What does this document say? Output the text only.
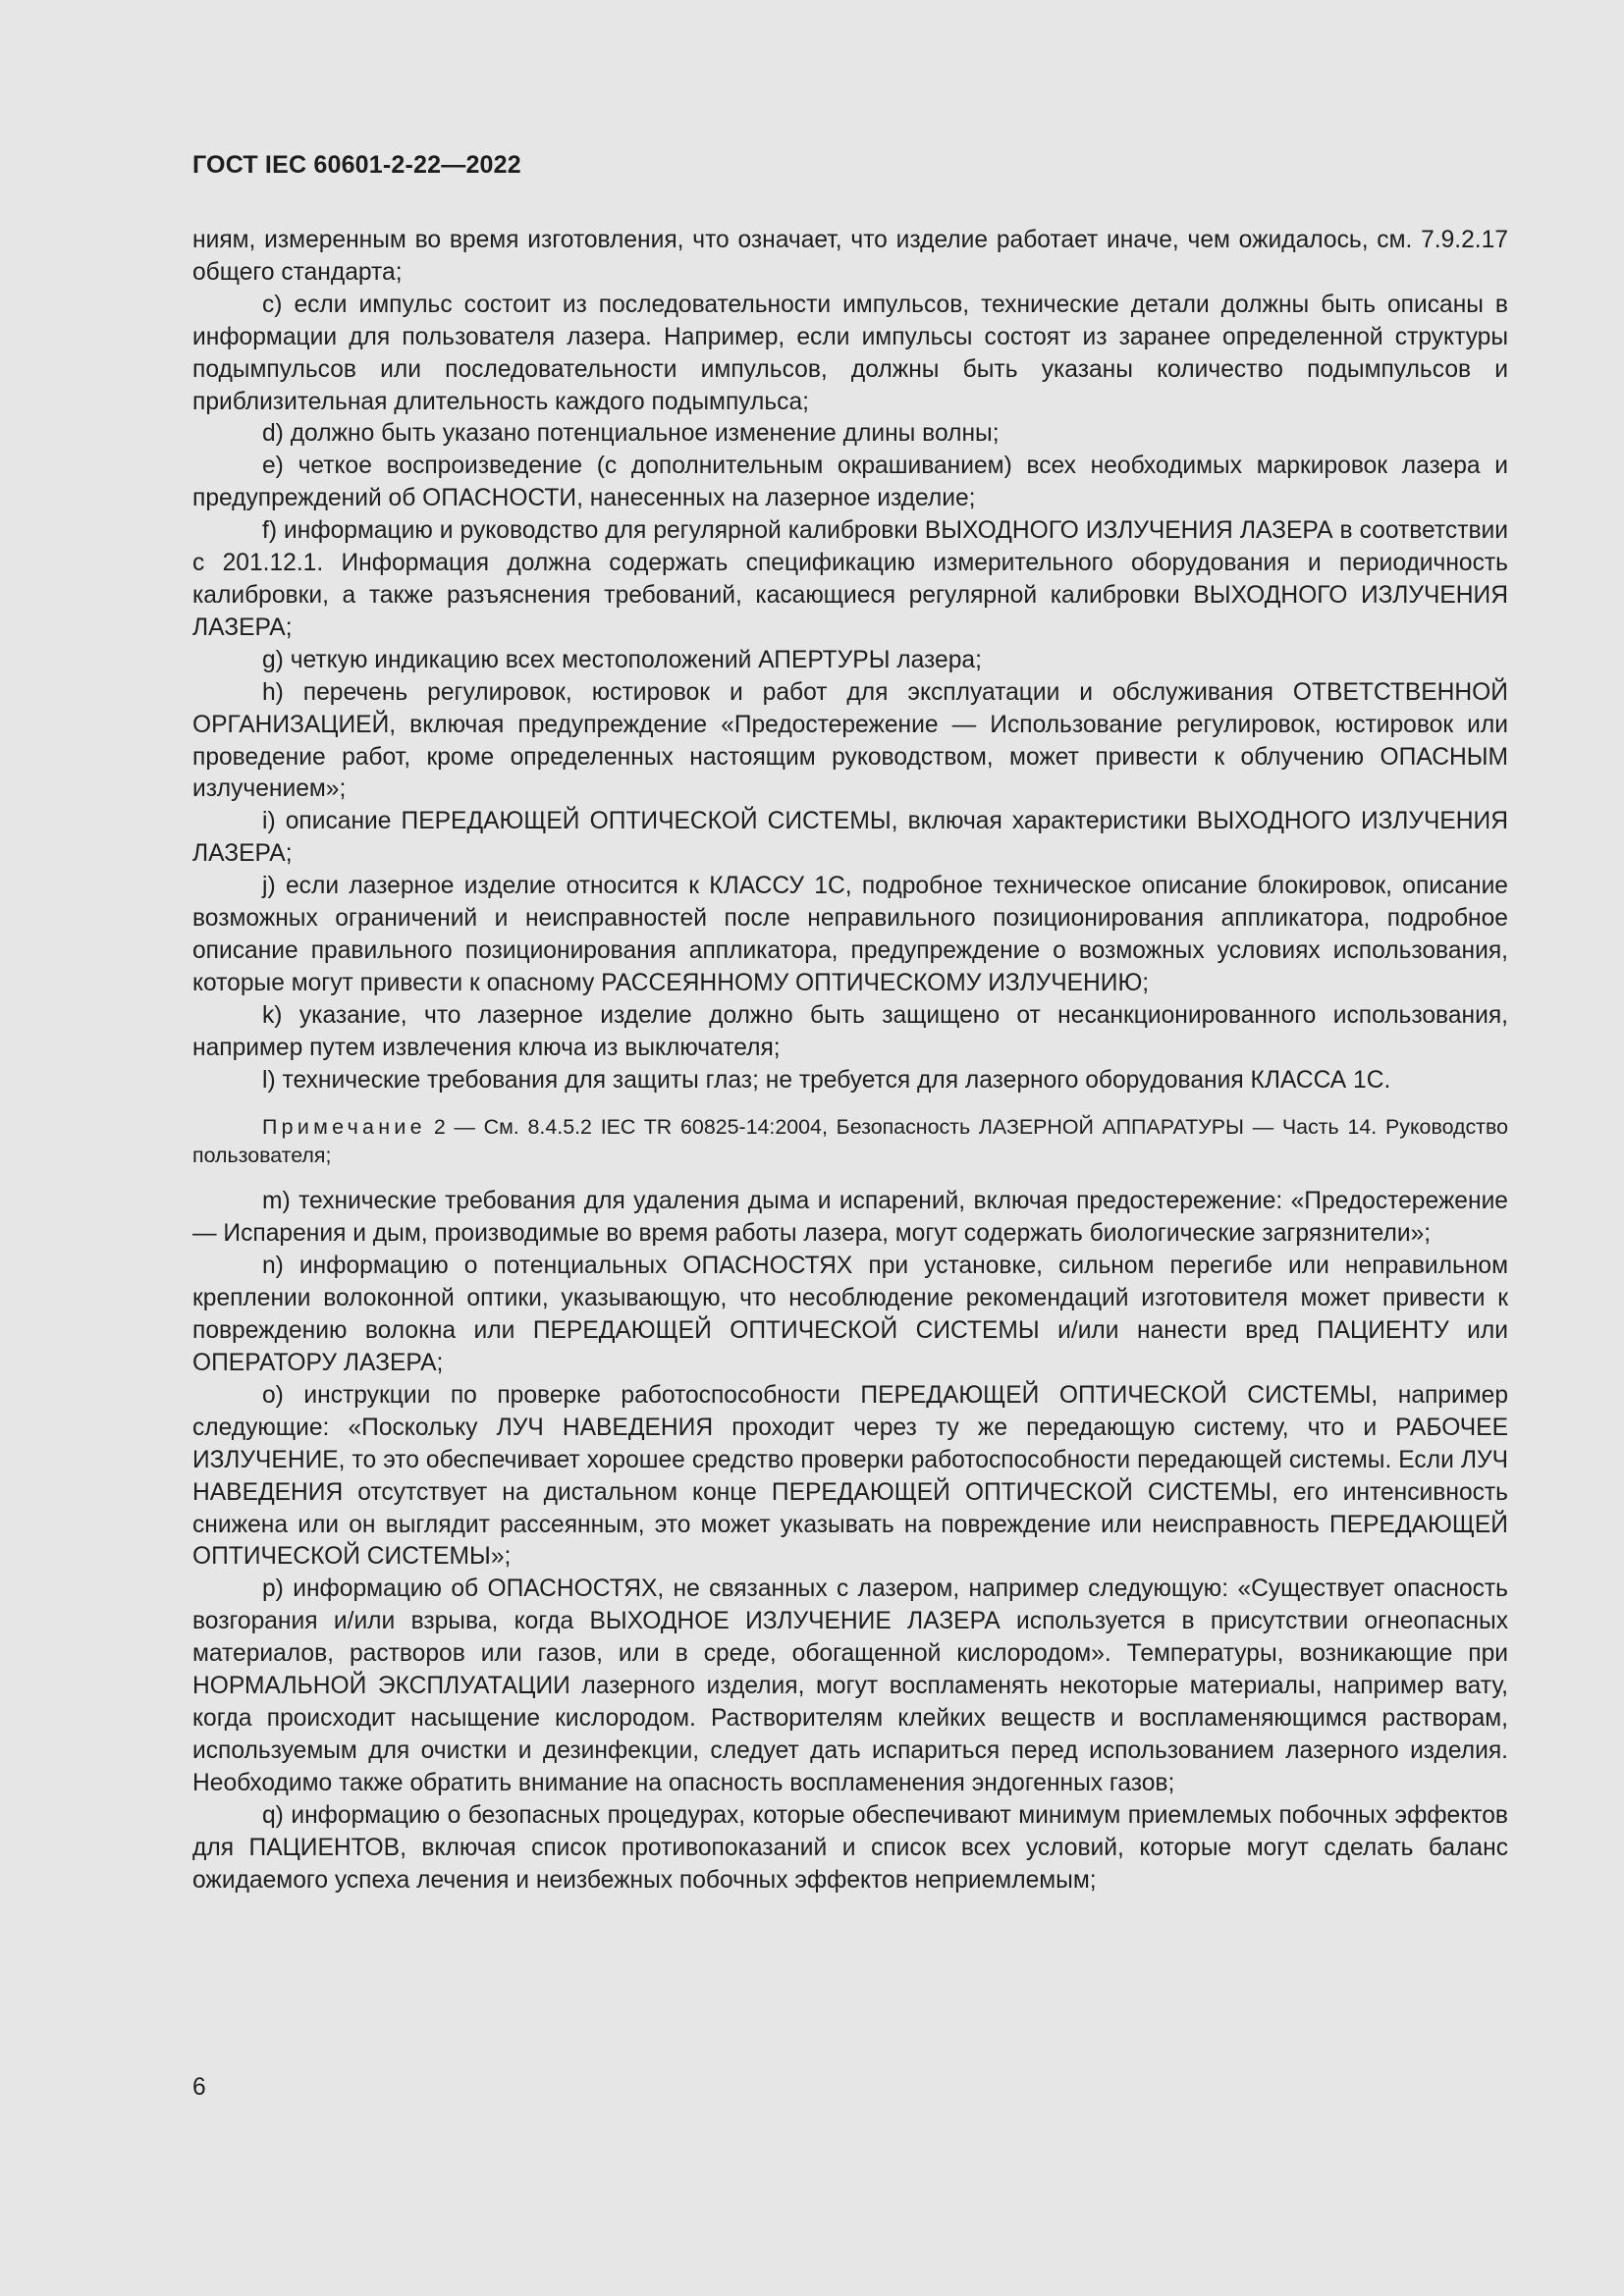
ГОСТ IEC 60601-2-22—2022

ниям, измеренным во время изготовления, что означает, что изделие работает иначе, чем ожидалось, см. 7.9.2.17 общего стандарта;

c) если импульс состоит из последовательности импульсов, технические детали должны быть описаны в информации для пользователя лазера. Например, если импульсы состоят из заранее определенной структуры подымпульсов или последовательности импульсов, должны быть указаны количество подымпульсов и приблизительная длительность каждого подымпульса;

d) должно быть указано потенциальное изменение длины волны;

e) четкое воспроизведение (с дополнительным окрашиванием) всех необходимых маркировок лазера и предупреждений об ОПАСНОСТИ, нанесенных на лазерное изделие;

f) информацию и руководство для регулярной калибровки ВЫХОДНОГО ИЗЛУЧЕНИЯ ЛАЗЕРА в соответствии с 201.12.1. Информация должна содержать спецификацию измерительного оборудования и периодичность калибровки, а также разъяснения требований, касающиеся регулярной калибровки ВЫХОДНОГО ИЗЛУЧЕНИЯ ЛАЗЕРА;

g) четкую индикацию всех местоположений АПЕРТУРЫ лазера;

h) перечень регулировок, юстировок и работ для эксплуатации и обслуживания ОТВЕТСТВЕННОЙ ОРГАНИЗАЦИЕЙ, включая предупреждение «Предостережение — Использование регулировок, юстировок или проведение работ, кроме определенных настоящим руководством, может привести к облучению ОПАСНЫМ излучением»;

i) описание ПЕРЕДАЮЩЕЙ ОПТИЧЕСКОЙ СИСТЕМЫ, включая характеристики ВЫХОДНОГО ИЗЛУЧЕНИЯ ЛАЗЕРА;

j) если лазерное изделие относится к КЛАССУ 1С, подробное техническое описание блокировок, описание возможных ограничений и неисправностей после неправильного позиционирования аппликатора, подробное описание правильного позиционирования аппликатора, предупреждение о возможных условиях использования, которые могут привести к опасному РАССЕЯННОМУ ОПТИЧЕСКОМУ ИЗЛУЧЕНИЮ;

k) указание, что лазерное изделие должно быть защищено от несанкционированного использования, например путем извлечения ключа из выключателя;

l) технические требования для защиты глаз; не требуется для лазерного оборудования КЛАССА 1С.

Примечание 2 — См. 8.4.5.2 IEC TR 60825-14:2004, Безопасность ЛАЗЕРНОЙ АППАРАТУРЫ — Часть 14. Руководство пользователя;

m) технические требования для удаления дыма и испарений, включая предостережение: «Предостережение — Испарения и дым, производимые во время работы лазера, могут содержать биологические загрязнители»;

n) информацию о потенциальных ОПАСНОСТЯХ при установке, сильном перегибе или неправильном креплении волоконной оптики, указывающую, что несоблюдение рекомендаций изготовителя может привести к повреждению волокна или ПЕРЕДАЮЩЕЙ ОПТИЧЕСКОЙ СИСТЕМЫ и/или нанести вред ПАЦИЕНТУ или ОПЕРАТОРУ ЛАЗЕРА;

o) инструкции по проверке работоспособности ПЕРЕДАЮЩЕЙ ОПТИЧЕСКОЙ СИСТЕМЫ, например следующие: «Поскольку ЛУЧ НАВЕДЕНИЯ проходит через ту же передающую систему, что и РАБОЧЕЕ ИЗЛУЧЕНИЕ, то это обеспечивает хорошее средство проверки работоспособности передающей системы. Если ЛУЧ НАВЕДЕНИЯ отсутствует на дистальном конце ПЕРЕДАЮЩЕЙ ОПТИЧЕСКОЙ СИСТЕМЫ, его интенсивность снижена или он выглядит рассеянным, это может указывать на повреждение или неисправность ПЕРЕДАЮЩЕЙ ОПТИЧЕСКОЙ СИСТЕМЫ»;

p) информацию об ОПАСНОСТЯХ, не связанных с лазером, например следующую: «Существует опасность возгорания и/или взрыва, когда ВЫХОДНОЕ ИЗЛУЧЕНИЕ ЛАЗЕРА используется в присутствии огнеопасных материалов, растворов или газов, или в среде, обогащенной кислородом». Температуры, возникающие при НОРМАЛЬНОЙ ЭКСПЛУАТАЦИИ лазерного изделия, могут воспламенять некоторые материалы, например вату, когда происходит насыщение кислородом. Растворителям клейких веществ и воспламеняющимся растворам, используемым для очистки и дезинфекции, следует дать испариться перед использованием лазерного изделия. Необходимо также обратить внимание на опасность воспламенения эндогенных газов;

q) информацию о безопасных процедурах, которые обеспечивают минимум приемлемых побочных эффектов для ПАЦИЕНТОВ, включая список противопоказаний и список всех условий, которые могут сделать баланс ожидаемого успеха лечения и неизбежных побочных эффектов неприемлемым;

6
